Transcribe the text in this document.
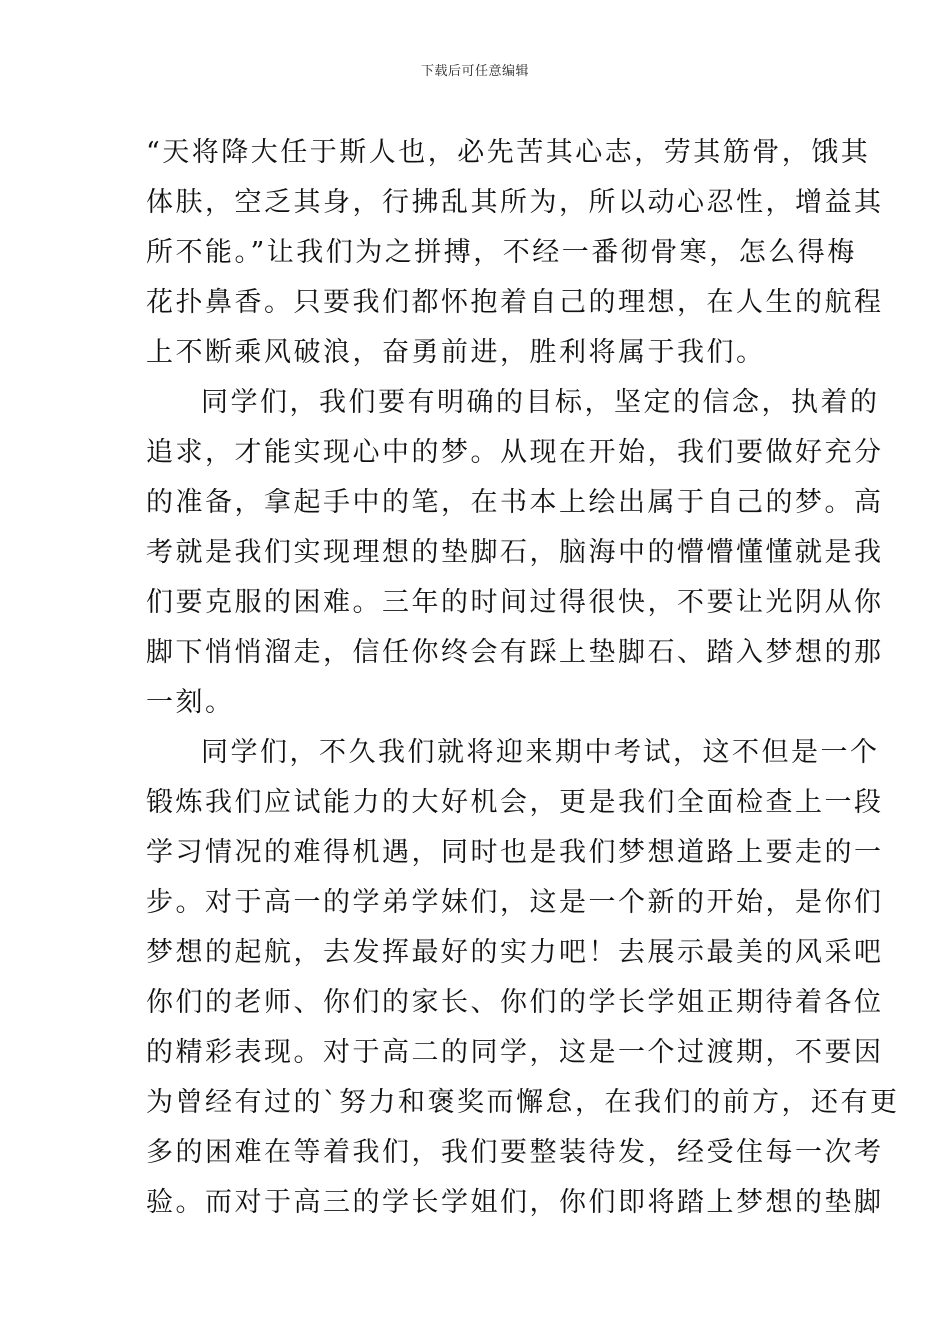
下载后可任意编辑
“天将降大任于斯人也，必先苦其心志，劳其筋骨，饿其
体肤，空乏其身，行拂乱其所为，所以动心忍性，增益其
所不能。”让我们为之拼搏，不经一番彻骨寒，怎么得梅
花扑鼻香。只要我们都怀抱着自己的理想，在人生的航程
上不断乘风破浪，奋勇前进，胜利将属于我们。
同学们，我们要有明确的目标，坚定的信念，执着的
追求，才能实现心中的梦。从现在开始，我们要做好充分
的准备，拿起手中的笔，在书本上绘出属于自己的梦。高
考就是我们实现理想的垫脚石，脑海中的懵懵懂懂就是我
们要克服的困难。三年的时间过得很快，不要让光阴从你
脚下悄悄溜走，信任你终会有踩上垫脚石、踏入梦想的那
一刻。
同学们，不久我们就将迎来期中考试，这不但是一个
锻炼我们应试能力的大好机会，更是我们全面检查上一段
学习情况的难得机遇，同时也是我们梦想道路上要走的一
步。对于高一的学弟学妹们，这是一个新的开始，是你们
梦想的起航，去发挥最好的实力吧！去展示最美的风采吧
你们的老师、你们的家长、你们的学长学姐正期待着各位
的精彩表现。对于高二的同学，这是一个过渡期，不要因
为曾经有过的`努力和褒奖而懈怠，在我们的前方，还有更
多的困难在等着我们，我们要整装待发，经受住每一次考
验。而对于高三的学长学姐们，你们即将踏上梦想的垫脚
